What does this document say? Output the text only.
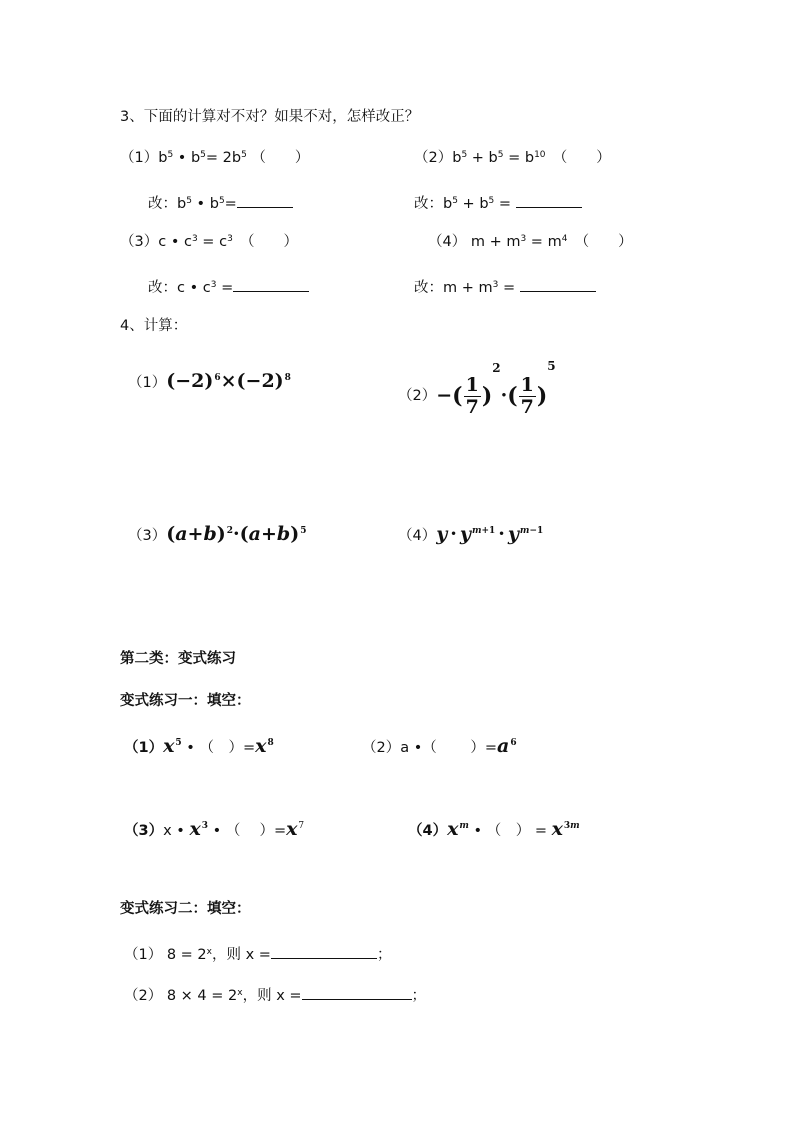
3、下面的计算对不对？如果不对，怎样改正？
$(1)b^5$ • $b^5= 2b^5$ （　　）	$(2)b^5 + b^5 = b^{10}$　（　　）
改：$b^5$ • $b^5=$	改：$b^5 + b^5$ =
（3）c • $c^3 = c^3$　（　　）	（4） $m + m^3 = m^4$　（　　）
改：c • $c^3$ =	改：$m + m^3$ =
4、计算：
$(1)(-2)^6\times(-2)^8$
$(2)-( \frac{1}{7} )^2\cdot( \frac{1}{7} )^5$
$(3)(a+b)^2\cdot(a+b)^5$	$(4)y \cdot y^{m+1} \cdot y^{m-1}$
第二类：变式练习
变式练习一：填空：
$(1)x^5$ • （　）$=x^8$	（2）a •（　　 ）$=a^6$
（3）x • $x^3$ • （　 ）$=x^7$	$(4)x^m$ • （　） = $x^{3m}$
变式练习二：填空：
（1） $8 = 2^x$，则 x =	；
（2） $8 \times 4 = 2^x$，则 x =	；
